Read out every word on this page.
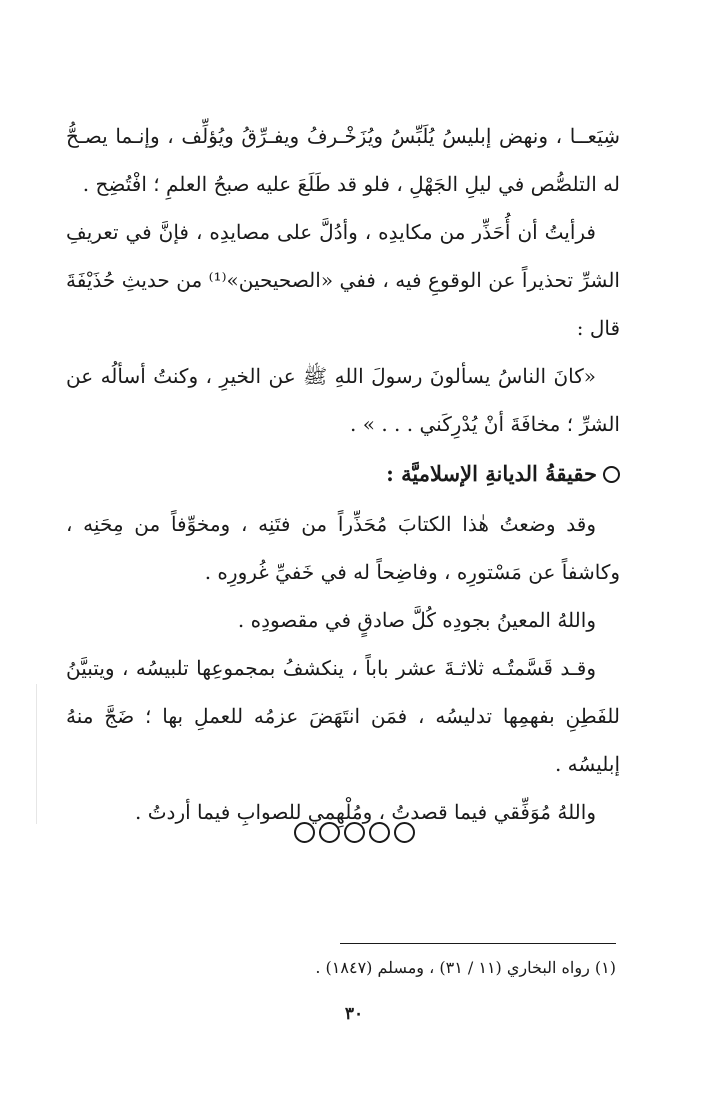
شِيَعــا ، ونهض إبليسُ يُلَبِّسُ ويُزَخْـرفُ ويفـرِّقُ ويُؤلِّف ، وإنـما يصـحُّ له التلصُّص في ليلِ الجَهْلِ ، فلو قد طَلَعَ عليه صبحُ العلمِ ؛ افْتُضِح .

فرأيتُ أن أُحَذِّر من مكايدِه ، وأدُلَّ على مصايدِه ، فإنَّ في تعريفِ الشرِّ تحذيراً عن الوقوعِ فيه ، ففي «الصحيحين»⁽¹⁾ من حديثِ حُذَيْفَةَ قال :

«كانَ الناسُ يسألونَ رسولَ اللهِ ﷺ عن الخيرِ ، وكنتُ أسألُه عن الشرِّ ؛ مخافَةَ أنْ يُدْرِكَني . . . » .

حقيقةُ الديانةِ الإسلاميَّة :

وقد وضعتُ هٰذا الكتابَ مُحَذِّراً من فتَنِه ، ومخوِّفاً من مِحَنِه ، وكاشفاً عن مَسْتورِه ، وفاضِحاً له في خَفيِّ غُرورِه .

واللهُ المعينُ بجودِه كُلَّ صادقٍ في مقصودِه .

وقـد قَسَّمتُـه ثلاثـةَ عشر باباً ، ينكشفُ بمجموعِها تلبيسُه ، ويتبيَّنُ للفَطِنِ بفهمِها تدليسُه ، فمَن انتَهَضَ عزمُه للعملِ بها ؛ ضَجَّ منهُ إبليسُه .

واللهُ مُوَفِّقي فيما قصدتُ ، ومُلْهِمي للصوابِ فيما أردتُ .

(١) رواه البخاري (١١ / ٣١) ، ومسلم (١٨٤٧) .

٣٠
